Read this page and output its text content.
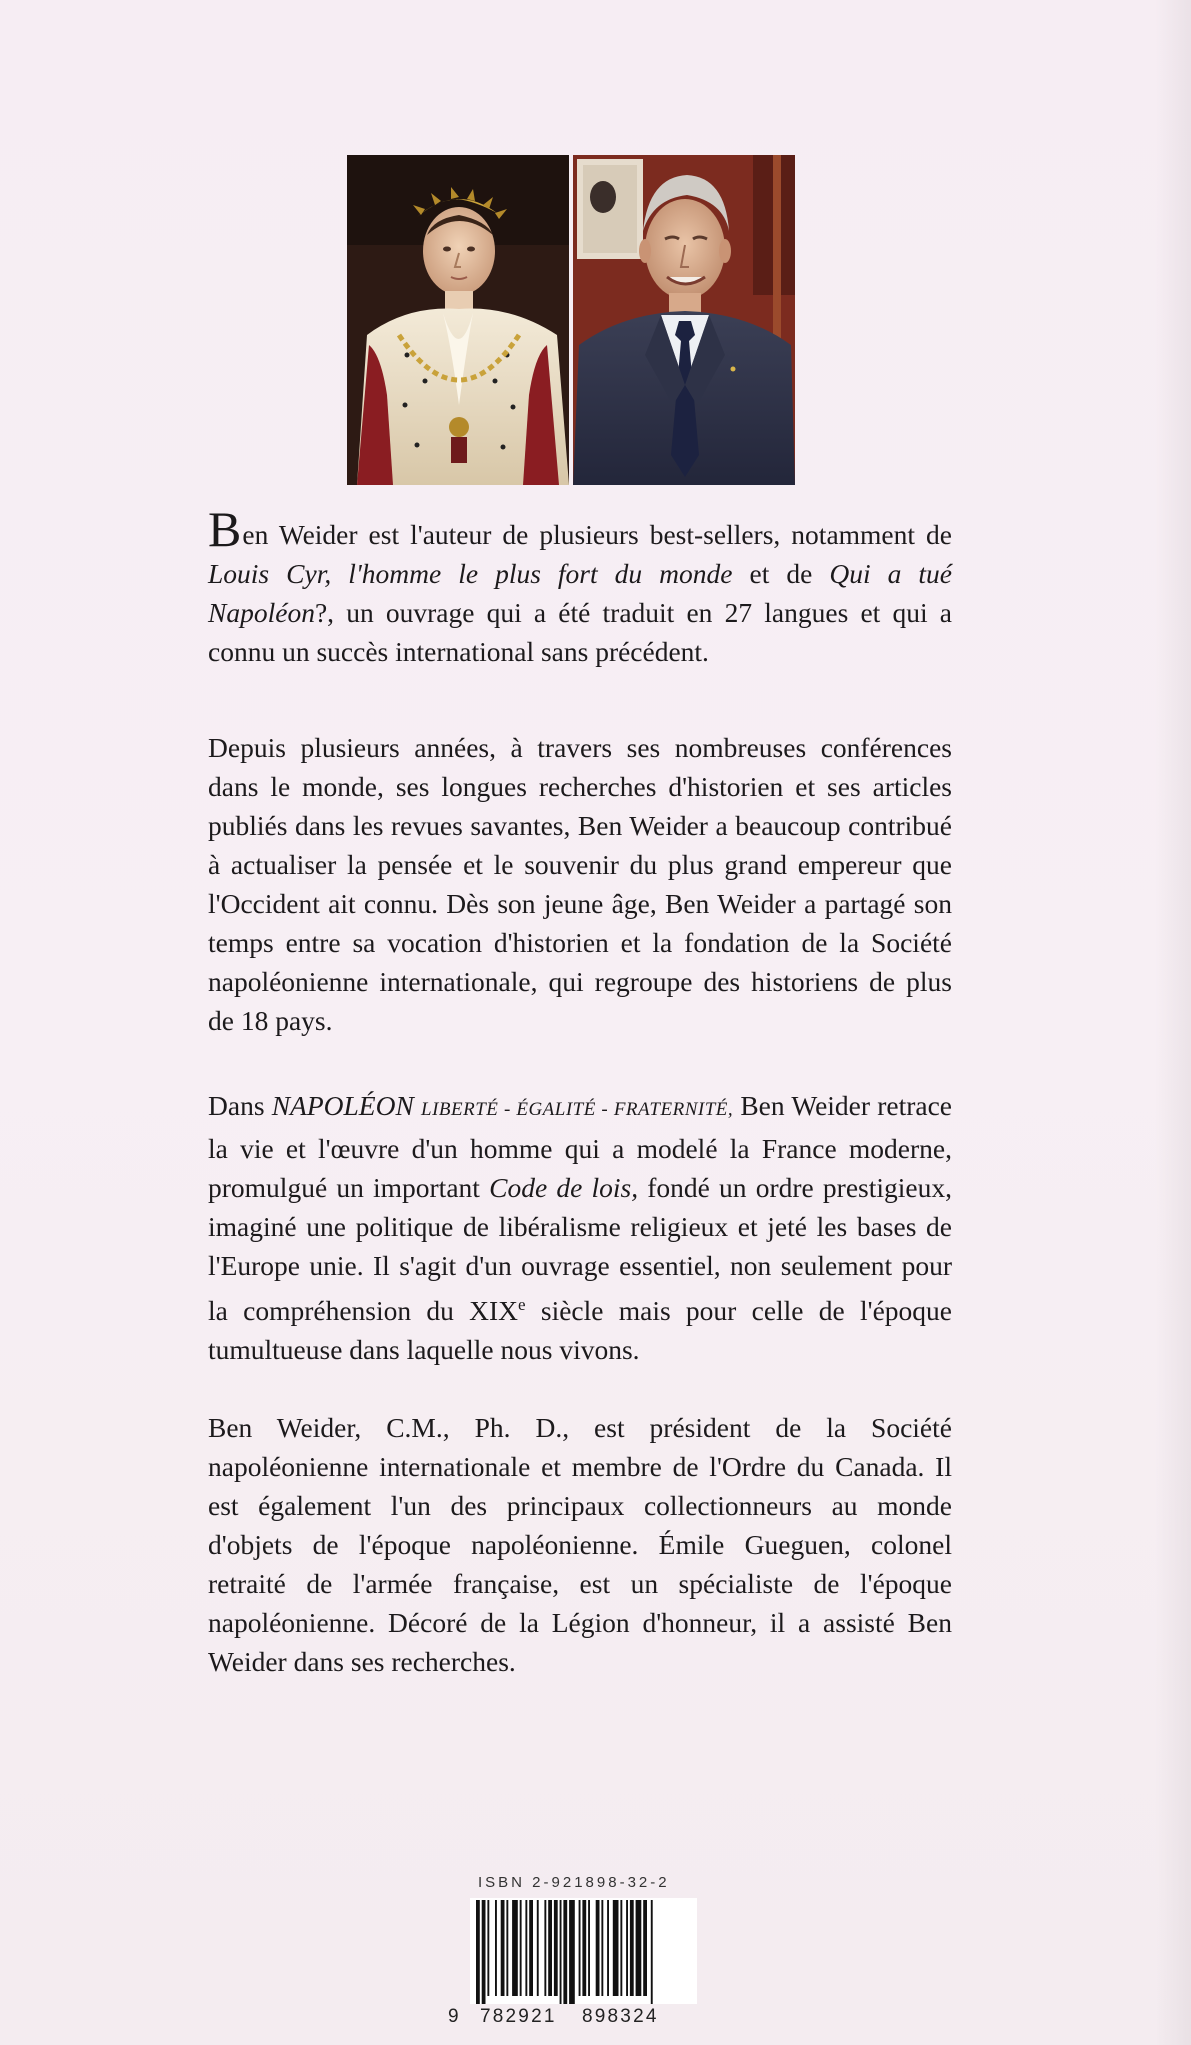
Ben Weider est l'auteur de plusieurs best-sellers, notamment de Louis Cyr, l'homme le plus fort du monde et de Qui a tué Napoléon?, un ouvrage qui a été traduit en 27 langues et qui a connu un succès international sans précédent.
Depuis plusieurs années, à travers ses nombreuses conférences dans le monde, ses longues recherches d'historien et ses articles publiés dans les revues savantes, Ben Weider a beaucoup contribué à actualiser la pensée et le souvenir du plus grand empereur que l'Occident ait connu. Dès son jeune âge, Ben Weider a partagé son temps entre sa vocation d'historien et la fondation de la Société napoléonienne internationale, qui regroupe des historiens de plus de 18 pays.
Dans NAPOLÉON LIBERTÉ - ÉGALITÉ - FRATERNITÉ, Ben Weider retrace la vie et l'œuvre d'un homme qui a modelé la France moderne, promulgué un important Code de lois, fondé un ordre prestigieux, imaginé une politique de libéralisme religieux et jeté les bases de l'Europe unie. Il s'agit d'un ouvrage essentiel, non seulement pour la compréhension du XIXe siècle mais pour celle de l'époque tumultueuse dans laquelle nous vivons.
Ben Weider, C.M., Ph. D., est président de la Société napoléonienne internationale et membre de l'Ordre du Canada. Il est également l'un des principaux collectionneurs au monde d'objets de l'époque napoléonienne. Émile Gueguen, colonel retraité de l'armée française, est un spécialiste de l'époque napoléonienne. Décoré de la Légion d'honneur, il a assisté Ben Weider dans ses recherches.
ISBN 2-921898-32-2
9 782921 898324
